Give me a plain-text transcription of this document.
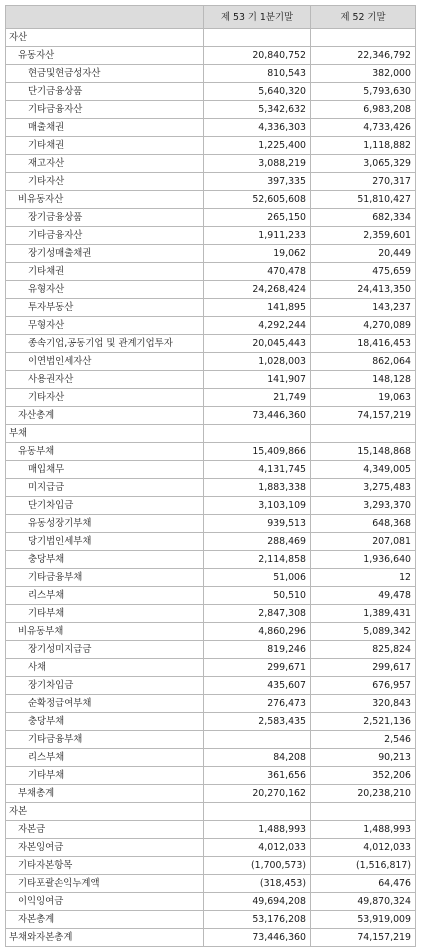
	제 53 기 1분기말	제 52 기말
자산		
유동자산	20,840,752	22,346,792
현금및현금성자산	810,543	382,000
단기금융상품	5,640,320	5,793,630
기타금융자산	5,342,632	6,983,208
매출채권	4,336,303	4,733,426
기타채권	1,225,400	1,118,882
재고자산	3,088,219	3,065,329
기타자산	397,335	270,317
비유동자산	52,605,608	51,810,427
장기금융상품	265,150	682,334
기타금융자산	1,911,233	2,359,601
장기성매출채권	19,062	20,449
기타채권	470,478	475,659
유형자산	24,268,424	24,413,350
투자부동산	141,895	143,237
무형자산	4,292,244	4,270,089
종속기업,공동기업 및 관계기업투자	20,045,443	18,416,453
이연법인세자산	1,028,003	862,064
사용권자산	141,907	148,128
기타자산	21,749	19,063
자산총계	73,446,360	74,157,219
부채		
유동부채	15,409,866	15,148,868
매입채무	4,131,745	4,349,005
미지급금	1,883,338	3,275,483
단기차입금	3,103,109	3,293,370
유동성장기부채	939,513	648,368
당기법인세부채	288,469	207,081
충당부채	2,114,858	1,936,640
기타금융부채	51,006	12
리스부채	50,510	49,478
기타부채	2,847,308	1,389,431
비유동부채	4,860,296	5,089,342
장기성미지급금	819,246	825,824
사채	299,671	299,617
장기차입금	435,607	676,957
순확정급여부채	276,473	320,843
충당부채	2,583,435	2,521,136
기타금융부채		2,546
리스부채	84,208	90,213
기타부채	361,656	352,206
부채총계	20,270,162	20,238,210
자본		
자본금	1,488,993	1,488,993
자본잉여금	4,012,033	4,012,033
기타자본항목	(1,700,573)	(1,516,817)
기타포괄손익누계액	(318,453)	64,476
이익잉여금	49,694,208	49,870,324
자본총계	53,176,208	53,919,009
부채와자본총계	73,446,360	74,157,219
